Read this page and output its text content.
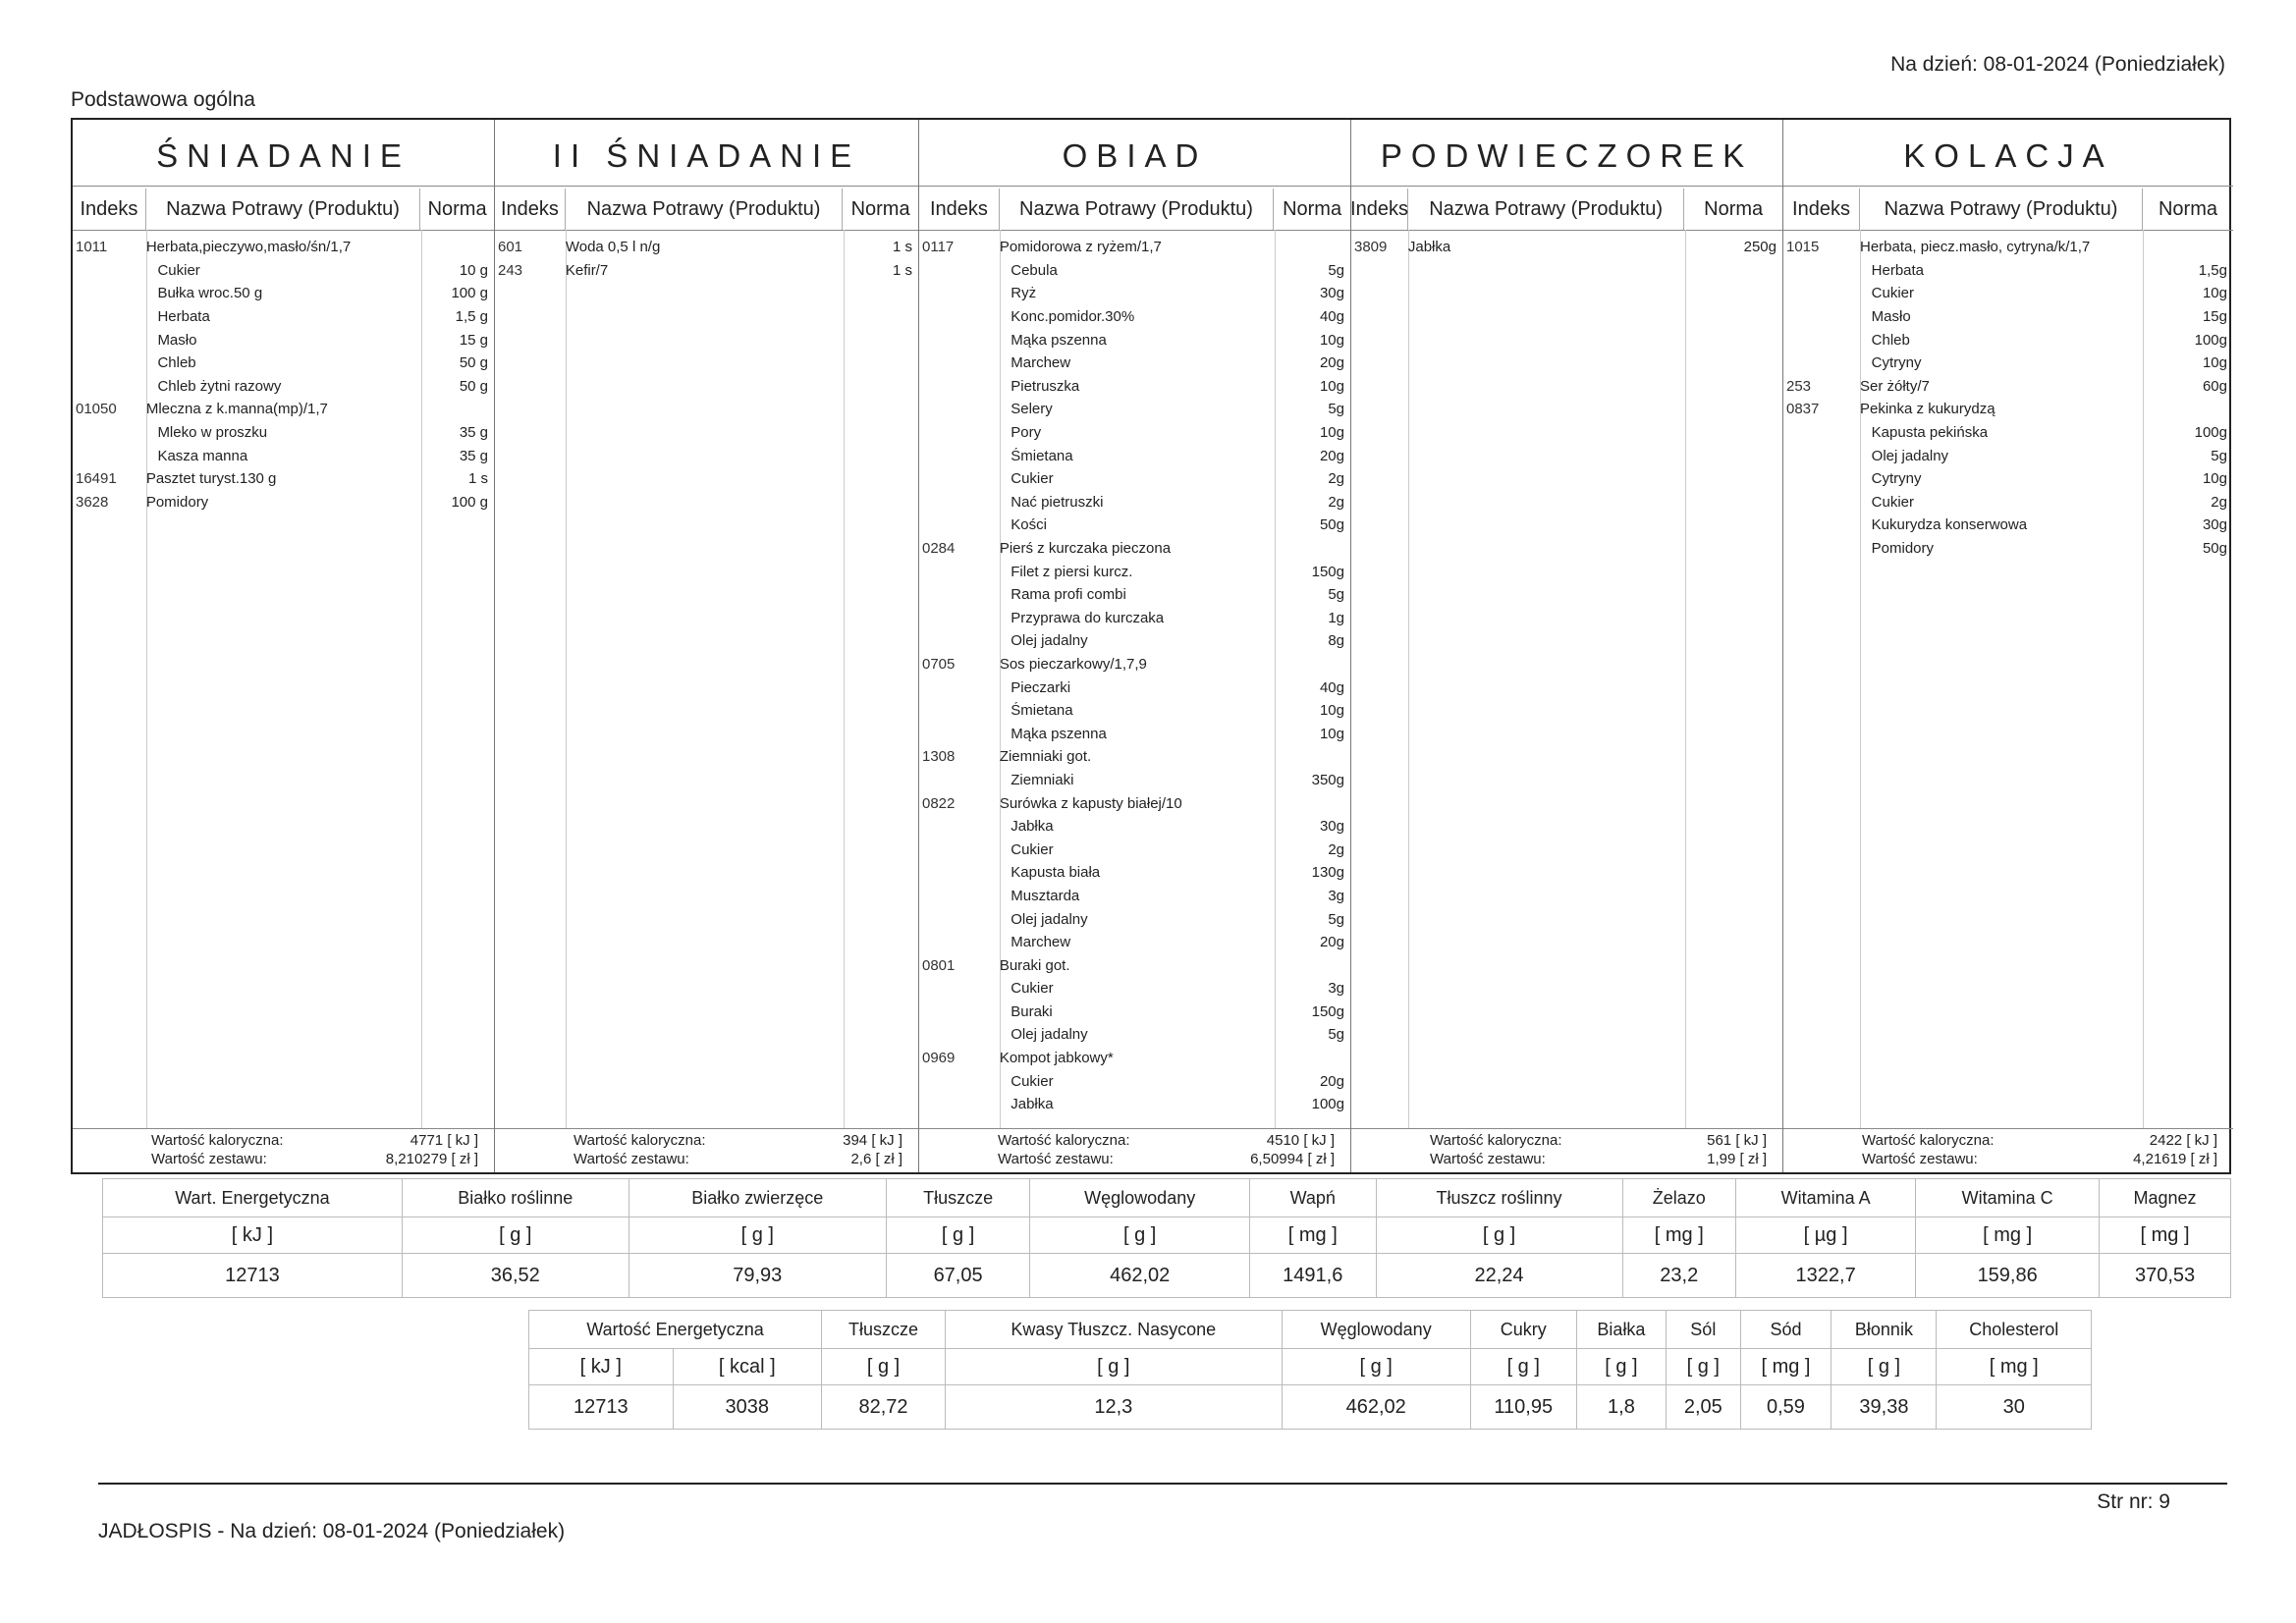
Na dzień: 08-01-2024 (Poniedziałek)
Podstawowa ogólna
ŚNIADANIE
Indeks	Nazwa Potrawy (Produktu)	Norma
1011	Herbata,pieczywo,masło/śn/1,7
Cukier	10 g
Bułka wroc.50 g	100 g
Herbata	1,5 g
Masło	15 g
Chleb	50 g
Chleb żytni razowy	50 g
01050	Mleczna z k.manna(mp)/1,7
Mleko w proszku	35 g
Kasza manna	35 g
16491	Pasztet turyst.130 g	1 s
3628	Pomidory	100 g
Wartość kaloryczna:	4771 [ kJ ]
Wartość zestawu:	8,210279 [ zł ]
II ŚNIADANIE
Indeks	Nazwa Potrawy (Produktu)	Norma
601	Woda 0,5 l n/g	1 s
243	Kefir/7	1 s
Wartość kaloryczna:	394 [ kJ ]
Wartość zestawu:	2,6 [ zł ]
OBIAD
Indeks	Nazwa Potrawy (Produktu)	Norma
0117	Pomidorowa z ryżem/1,7
Cebula	5g
Ryż	30g
Konc.pomidor.30%	40g
Mąka pszenna	10g
Marchew	20g
Pietruszka	10g
Selery	5g
Pory	10g
Śmietana	20g
Cukier	2g
Nać pietruszki	2g
Kości	50g
0284	Pierś z kurczaka pieczona
Filet z piersi kurcz.	150g
Rama profi combi	5g
Przyprawa do kurczaka	1g
Olej jadalny	8g
0705	Sos pieczarkowy/1,7,9
Pieczarki	40g
Śmietana	10g
Mąka pszenna	10g
1308	Ziemniaki got.
Ziemniaki	350g
0822	Surówka z kapusty białej/10
Jabłka	30g
Cukier	2g
Kapusta biała	130g
Musztarda	3g
Olej jadalny	5g
Marchew	20g
0801	Buraki got.
Cukier	3g
Buraki	150g
Olej jadalny	5g
0969	Kompot jabkowy*
Cukier	20g
Jabłka	100g
Wartość kaloryczna:	4510 [ kJ ]
Wartość zestawu:	6,50994 [ zł ]
PODWIECZOREK
Indeks	Nazwa Potrawy (Produktu)	Norma
3809	Jabłka	250g
Wartość kaloryczna:	561 [ kJ ]
Wartość zestawu:	1,99 [ zł ]
KOLACJA
Indeks	Nazwa Potrawy (Produktu)	Norma
1015	Herbata, piecz.masło, cytryna/k/1,7
Herbata	1,5g
Cukier	10g
Masło	15g
Chleb	100g
Cytryny	10g
253	Ser żółty/7	60g
0837	Pekinka z kukurydzą
Kapusta pekińska	100g
Olej jadalny	5g
Cytryny	10g
Cukier	2g
Kukurydza konserwowa	30g
Pomidory	50g
Wartość kaloryczna:	2422 [ kJ ]
Wartość zestawu:	4,21619 [ zł ]
Wart. Energetyczna	Białko roślinne	Białko zwierzęce	Tłuszcze	Węglowodany	Wapń	Tłuszcz roślinny	Żelazo	Witamina A	Witamina C	Magnez
[ kJ ]	[ g ]	[ g ]	[ g ]	[ g ]	[ mg ]	[ g ]	[ mg ]	[ µg ]	[ mg ]	[ mg ]
12713	36,52	79,93	67,05	462,02	1491,6	22,24	23,2	1322,7	159,86	370,53
Wartość Energetyczna		Tłuszcze	Kwasy Tłuszcz. Nasycone	Węglowodany	Cukry	Białka	Sól	Sód	Błonnik	Cholesterol
[ kJ ]	[ kcal ]	[ g ]	[ g ]	[ g ]	[ g ]	[ g ]	[ g ]	[ mg ]	[ g ]	[ mg ]
12713	3038	82,72	12,3	462,02	110,95	1,8	2,05	0,59	39,38	30
Str nr: 9
JADŁOSPIS - Na dzień: 08-01-2024 (Poniedziałek)
